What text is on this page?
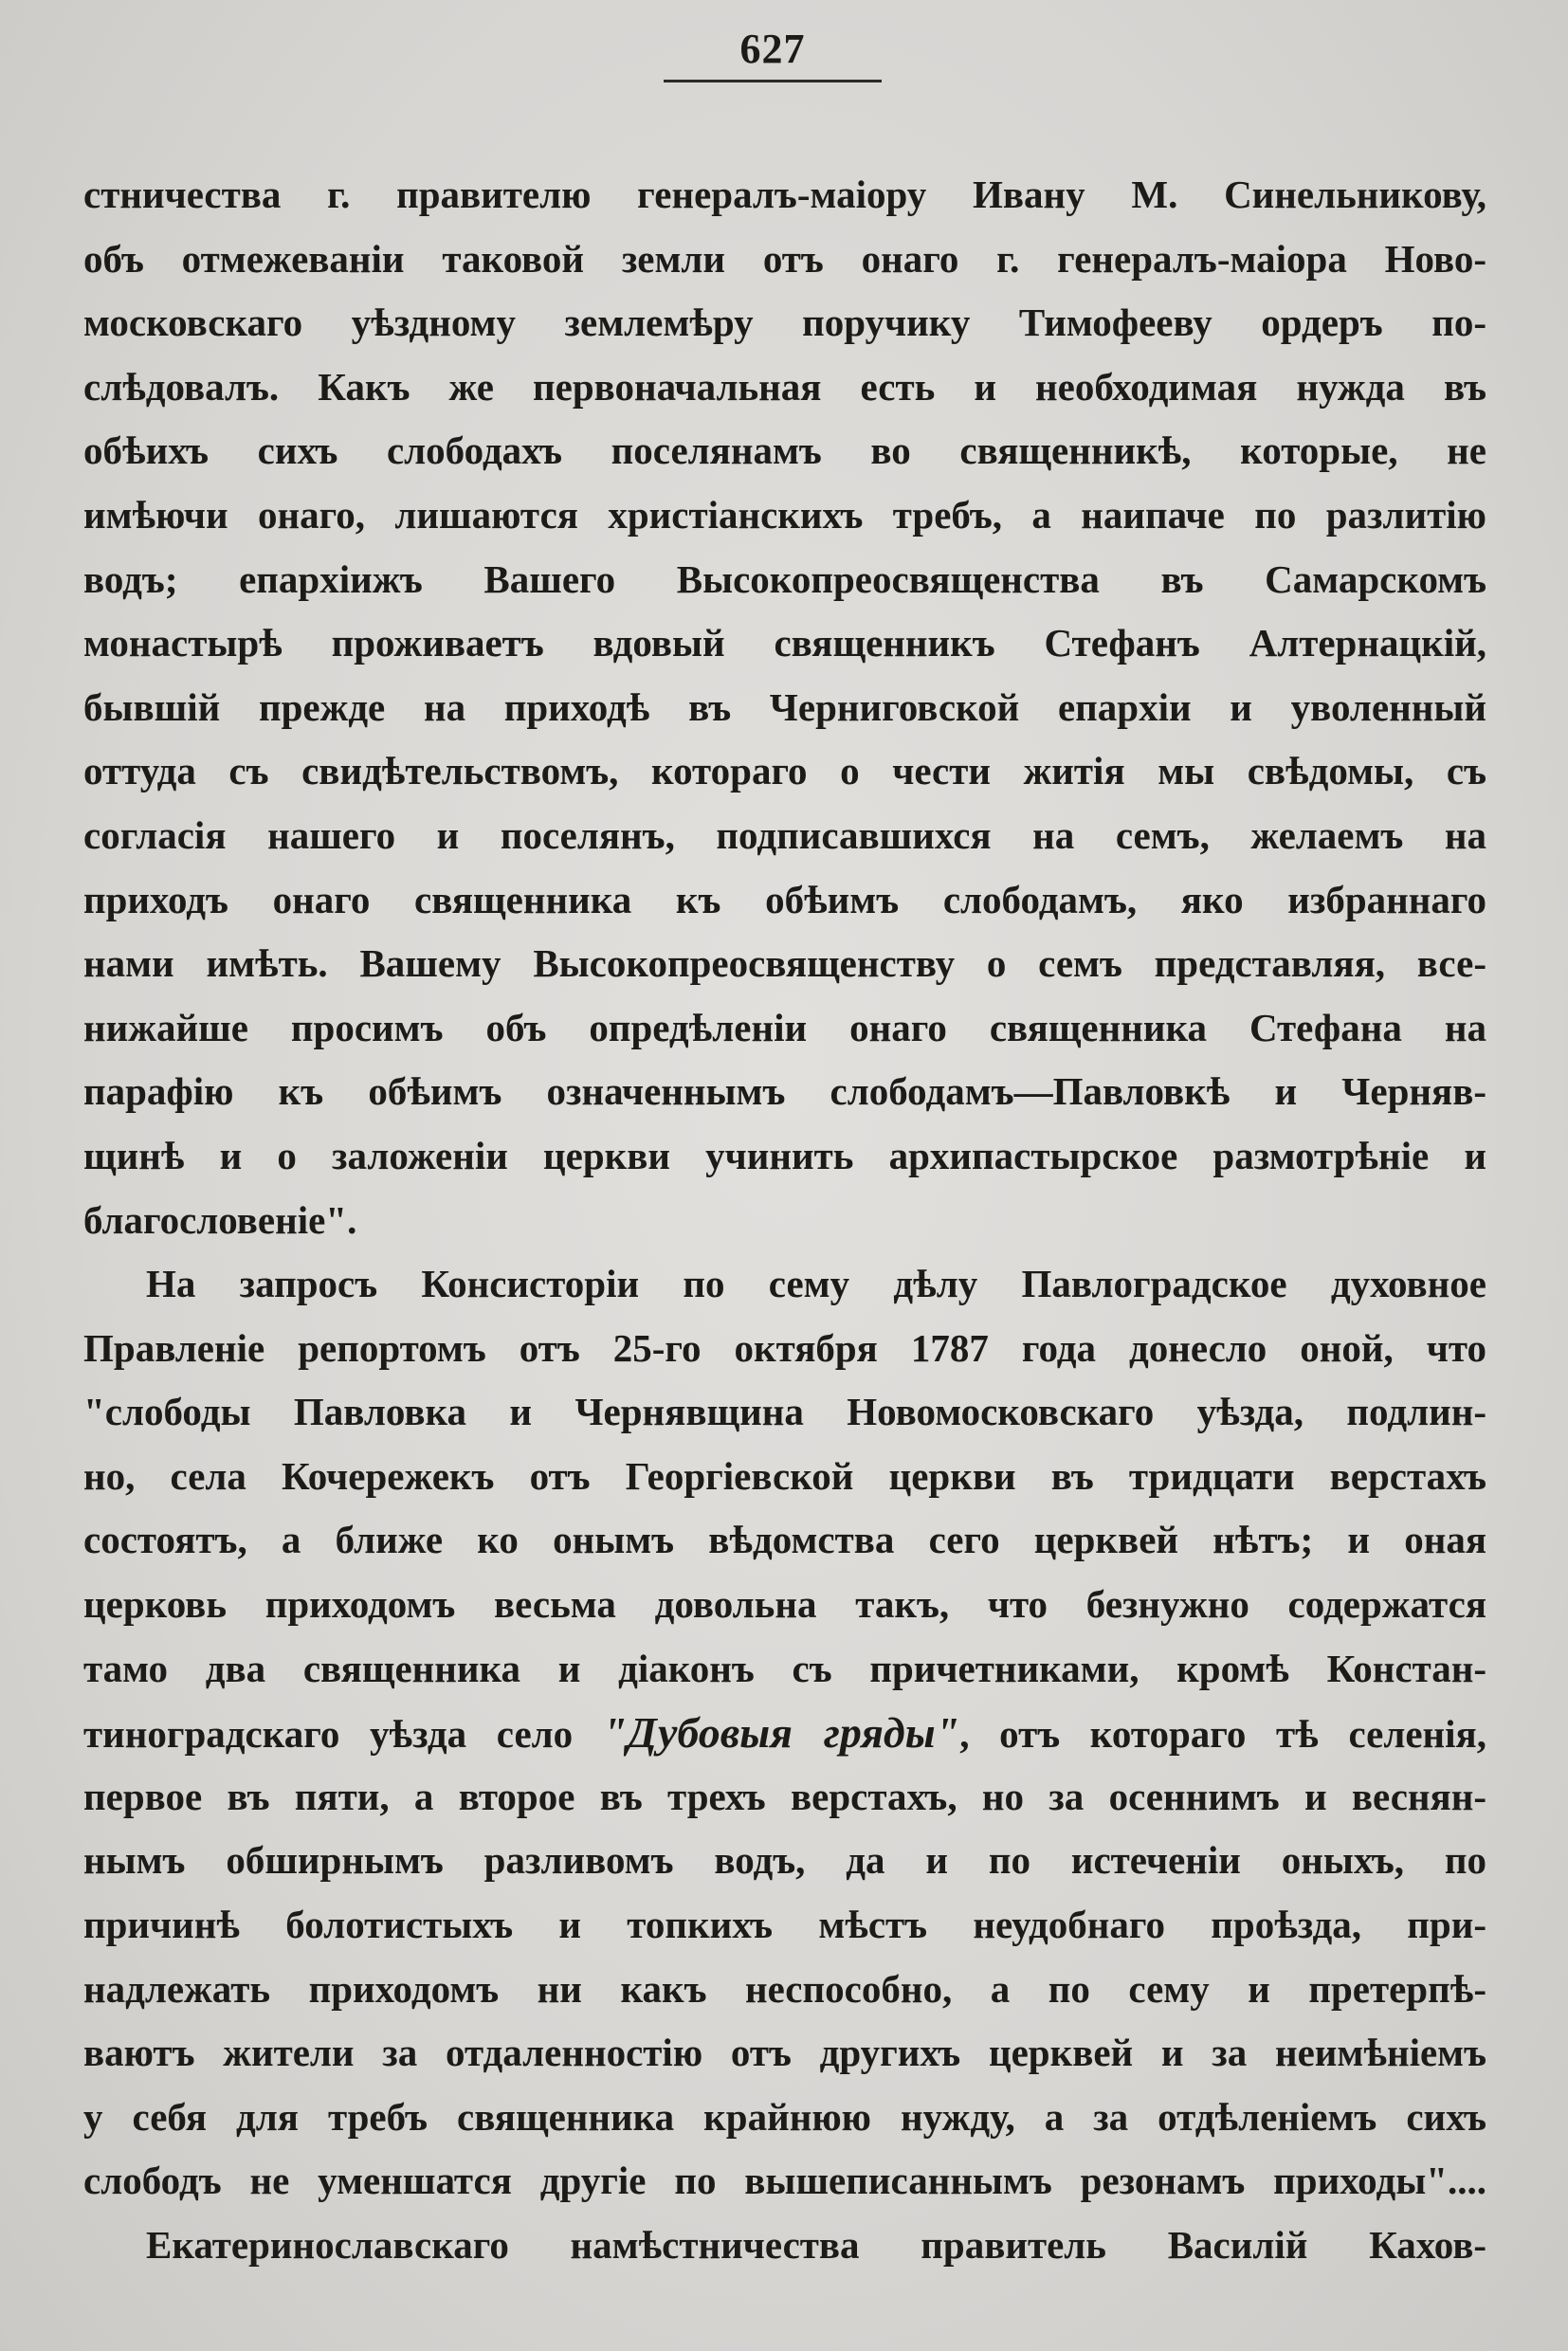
627
стничества г. правителю генералъ-маіору Ивану М. Синельникову,
объ отмежеваніи таковой земли отъ онаго г. генералъ-маіора Ново-
московскаго уѣздному землемѣру поручику Тимофееву ордеръ по-
слѣдовалъ. Какъ же первоначальная есть и необходимая нужда въ
обѣихъ сихъ слободахъ поселянамъ во священникѣ, которые, не
имѣючи онаго, лишаются христіанскихъ требъ, а наипаче по разлитію
водъ; епархіижъ Вашего Высокопреосвященства въ Самарскомъ
монастырѣ проживаетъ вдовый священникъ Стефанъ Алтернацкій,
бывшій прежде на приходѣ въ Черниговской епархіи и уволенный
оттуда съ свидѣтельствомъ, котораго о чести житія мы свѣдомы, съ
согласія нашего и поселянъ, подписавшихся на семъ, желаемъ на
приходъ онаго священника къ обѣимъ слободамъ, яко избраннаго
нами имѣть. Вашему Высокопреосвященству о семъ представляя, все-
нижайше просимъ объ опредѣленіи онаго священника Стефана на
парафію къ обѣимъ означеннымъ слободамъ—Павловкѣ и Черняв-
щинѣ и о заложеніи церкви учинить архипастырское размотрѣніе и
благословеніе".
На запросъ Консисторіи по сему дѣлу Павлоградское духовное
Правленіе репортомъ отъ 25-го октября 1787 года донесло оной, что
"слободы Павловка и Чернявщина Новомосковскаго уѣзда, подлин-
но, села Кочережекъ отъ Георгіевской церкви въ тридцати верстахъ
состоятъ, а ближе ко онымъ вѣдомства сего церквей нѣтъ; и оная
церковь приходомъ весьма довольна такъ, что безнужно содержатся
тамо два священника и діаконъ съ причетниками, кромѣ Констан-
тиноградскаго уѣзда село "Дубовыя гряды", отъ котораго тѣ селенія,
первое въ пяти, а второе въ трехъ верстахъ, но за осеннимъ и веснян-
нымъ обширнымъ разливомъ водъ, да и по истеченіи оныхъ, по
причинѣ болотистыхъ и топкихъ мѣстъ неудобнаго проѣзда, при-
надлежать приходомъ ни какъ неспособно, а по сему и претерпѣ-
ваютъ жители за отдаленностію отъ другихъ церквей и за неимѣніемъ
у себя для требъ священника крайнюю нужду, а за отдѣленіемъ сихъ
слободъ не уменшатся другіе по вышеписаннымъ резонамъ приходы"....
Екатеринославскаго намѣстничества правитель Василій Кахов-
